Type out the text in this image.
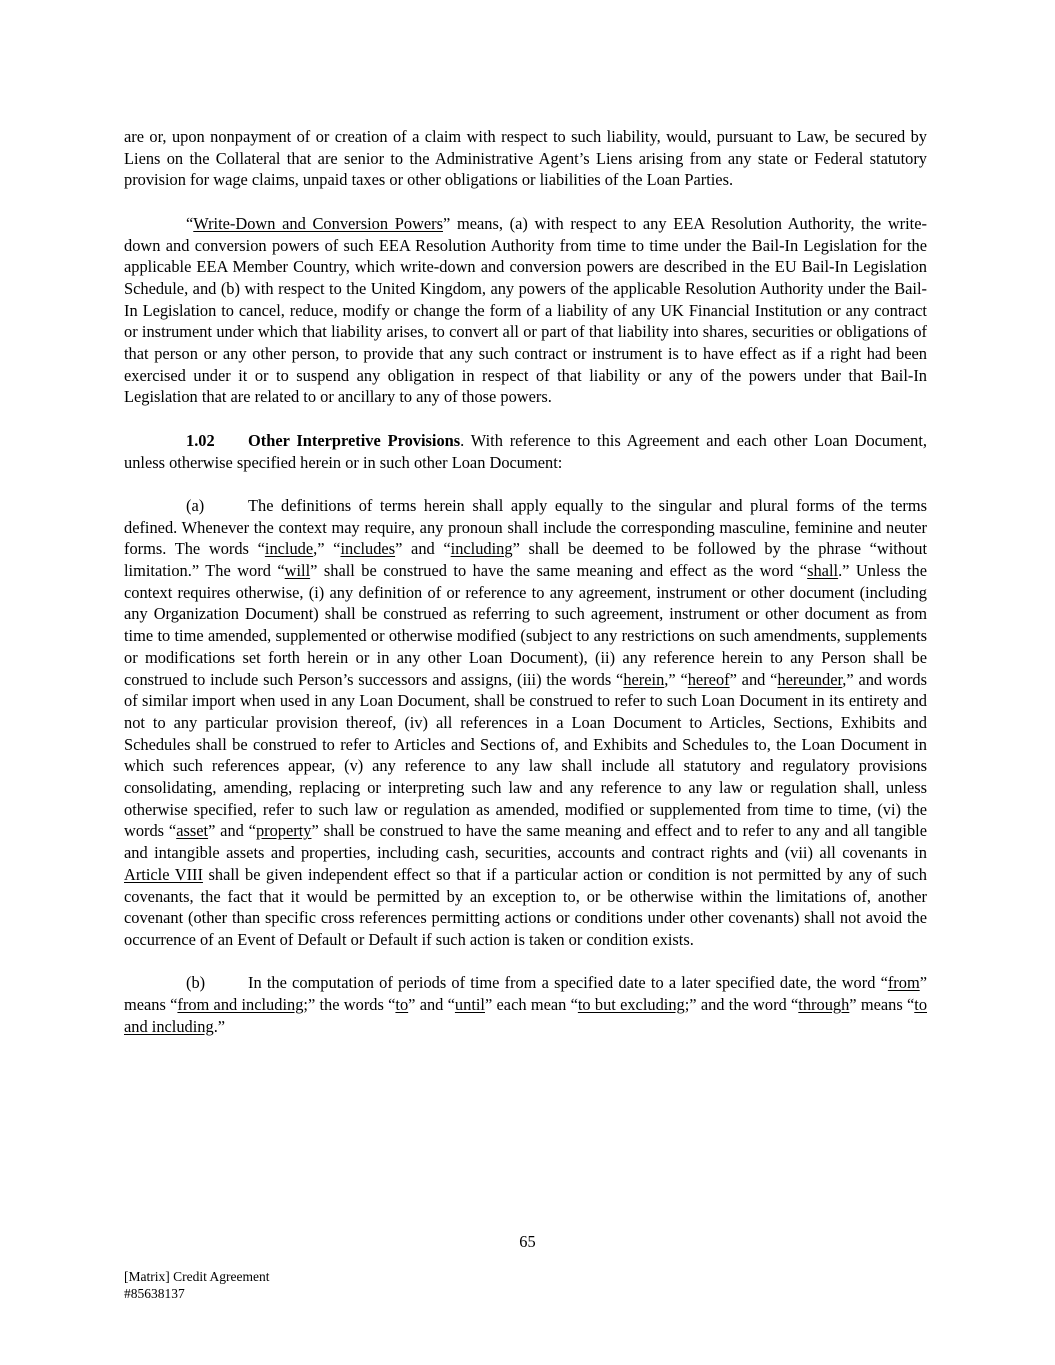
are or, upon nonpayment of or creation of a claim with respect to such liability, would, pursuant to Law, be secured by Liens on the Collateral that are senior to the Administrative Agent’s Liens arising from any state or Federal statutory provision for wage claims, unpaid taxes or other obligations or liabilities of the Loan Parties.

“Write-Down and Conversion Powers” means, (a) with respect to any EEA Resolution Authority, the write-down and conversion powers of such EEA Resolution Authority from time to time under the Bail-In Legislation for the applicable EEA Member Country, which write-down and conversion powers are described in the EU Bail-In Legislation Schedule, and (b) with respect to the United Kingdom, any powers of the applicable Resolution Authority under the Bail-In Legislation to cancel, reduce, modify or change the form of a liability of any UK Financial Institution or any contract or instrument under which that liability arises, to convert all or part of that liability into shares, securities or obligations of that person or any other person, to provide that any such contract or instrument is to have effect as if a right had been exercised under it or to suspend any obligation in respect of that liability or any of the powers under that Bail-In Legislation that are related to or ancillary to any of those powers.

1.02 Other Interpretive Provisions. With reference to this Agreement and each other Loan Document, unless otherwise specified herein or in such other Loan Document:

(a)	The definitions of terms herein shall apply equally to the singular and plural forms of the terms defined. Whenever the context may require, any pronoun shall include the corresponding masculine, feminine and neuter forms. The words “include,” “includes” and “including” shall be deemed to be followed by the phrase “without limitation.” The word “will” shall be construed to have the same meaning and effect as the word “shall.” Unless the context requires otherwise, (i) any definition of or reference to any agreement, instrument or other document (including any Organization Document) shall be construed as referring to such agreement, instrument or other document as from time to time amended, supplemented or otherwise modified (subject to any restrictions on such amendments, supplements or modifications set forth herein or in any other Loan Document), (ii) any reference herein to any Person shall be construed to include such Person’s successors and assigns, (iii) the words “herein,” “hereof” and “hereunder,” and words of similar import when used in any Loan Document, shall be construed to refer to such Loan Document in its entirety and not to any particular provision thereof, (iv) all references in a Loan Document to Articles, Sections, Exhibits and Schedules shall be construed to refer to Articles and Sections of, and Exhibits and Schedules to, the Loan Document in which such references appear, (v) any reference to any law shall include all statutory and regulatory provisions consolidating, amending, replacing or interpreting such law and any reference to any law or regulation shall, unless otherwise specified, refer to such law or regulation as amended, modified or supplemented from time to time, (vi) the words “asset” and “property” shall be construed to have the same meaning and effect and to refer to any and all tangible and intangible assets and properties, including cash, securities, accounts and contract rights and (vii) all covenants in Article VIII shall be given independent effect so that if a particular action or condition is not permitted by any of such covenants, the fact that it would be permitted by an exception to, or be otherwise within the limitations of, another covenant (other than specific cross references permitting actions or conditions under other covenants) shall not avoid the occurrence of an Event of Default or Default if such action is taken or condition exists.

(b)	In the computation of periods of time from a specified date to a later specified date, the word “from” means “from and including;” the words “to” and “until” each mean “to but excluding;” and the word “through” means “to and including.”

65
[Matrix] Credit Agreement
#85638137
